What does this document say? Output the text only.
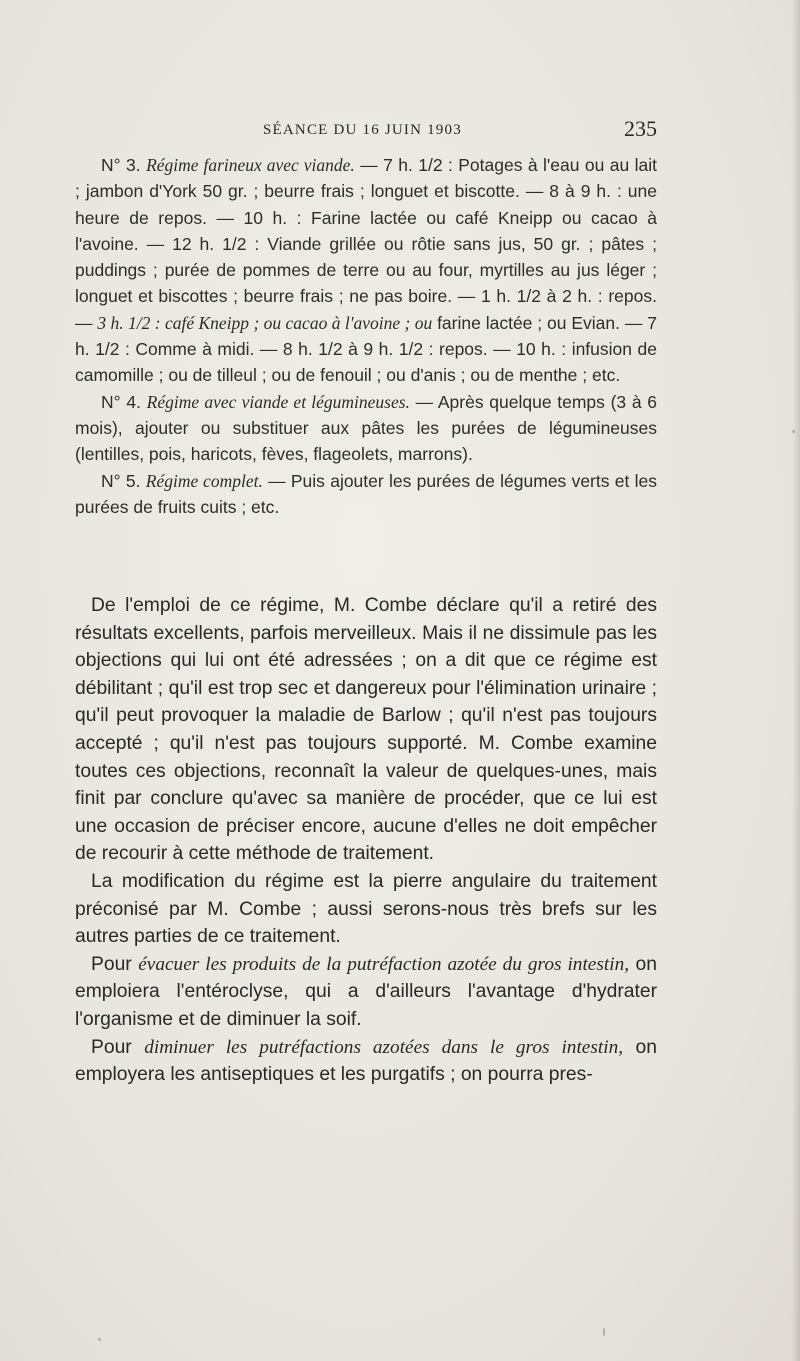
SÉANCE DU 16 JUIN 1903	235

N° 3. Régime farineux avec viande. — 7 h. 1/2 : Potages à l'eau ou au lait ; jambon d'York 50 gr. ; beurre frais ; longuet et biscotte. — 8 à 9 h. : une heure de repos. — 10 h. : Farine lactée ou café Kneipp ou cacao à l'avoine. — 12 h. 1/2 : Viande grillée ou rôtie sans jus, 50 gr. ; pâtes ; puddings ; purée de pommes de terre ou au four, myrtilles au jus léger ; longuet et biscottes ; beurre frais ; ne pas boire. — 1 h. 1/2 à 2 h. : repos. — 3 h. 1/2 : café Kneipp ; ou cacao à l'avoine ; ou farine lactée ; ou Evian. — 7 h. 1/2 : Comme à midi. — 8 h. 1/2 à 9 h. 1/2 : repos. — 10 h. : infusion de camomille ; ou de tilleul ; ou de fenouil ; ou d'anis ; ou de menthe ; etc.

N° 4. Régime avec viande et légumineuses. — Après quelque temps (3 à 6 mois), ajouter ou substituer aux pâtes les purées de légumineuses (lentilles, pois, haricots, fèves, flageolets, marrons).

N° 5. Régime complet. — Puis ajouter les purées de légumes verts et les purées de fruits cuits ; etc.

De l'emploi de ce régime, M. Combe déclare qu'il a retiré des résultats excellents, parfois merveilleux. Mais il ne dissimule pas les objections qui lui ont été adressées ; on a dit que ce régime est débilitant ; qu'il est trop sec et dangereux pour l'élimination urinaire ; qu'il peut provoquer la maladie de Barlow ; qu'il n'est pas toujours accepté ; qu'il n'est pas toujours supporté. M. Combe examine toutes ces objections, reconnaît la valeur de quelques-unes, mais finit par conclure qu'avec sa manière de procéder, que ce lui est une occasion de préciser encore, aucune d'elles ne doit empêcher de recourir à cette méthode de traitement.

La modification du régime est la pierre angulaire du traitement préconisé par M. Combe ; aussi serons-nous très brefs sur les autres parties de ce traitement.

Pour évacuer les produits de la putréfaction azotée du gros intestin, on emploiera l'entéroclyse, qui a d'ailleurs l'avantage d'hydrater l'organisme et de diminuer la soif.

Pour diminuer les putréfactions azotées dans le gros intestin, on employera les antiseptiques et les purgatifs ; on pourra pres-
